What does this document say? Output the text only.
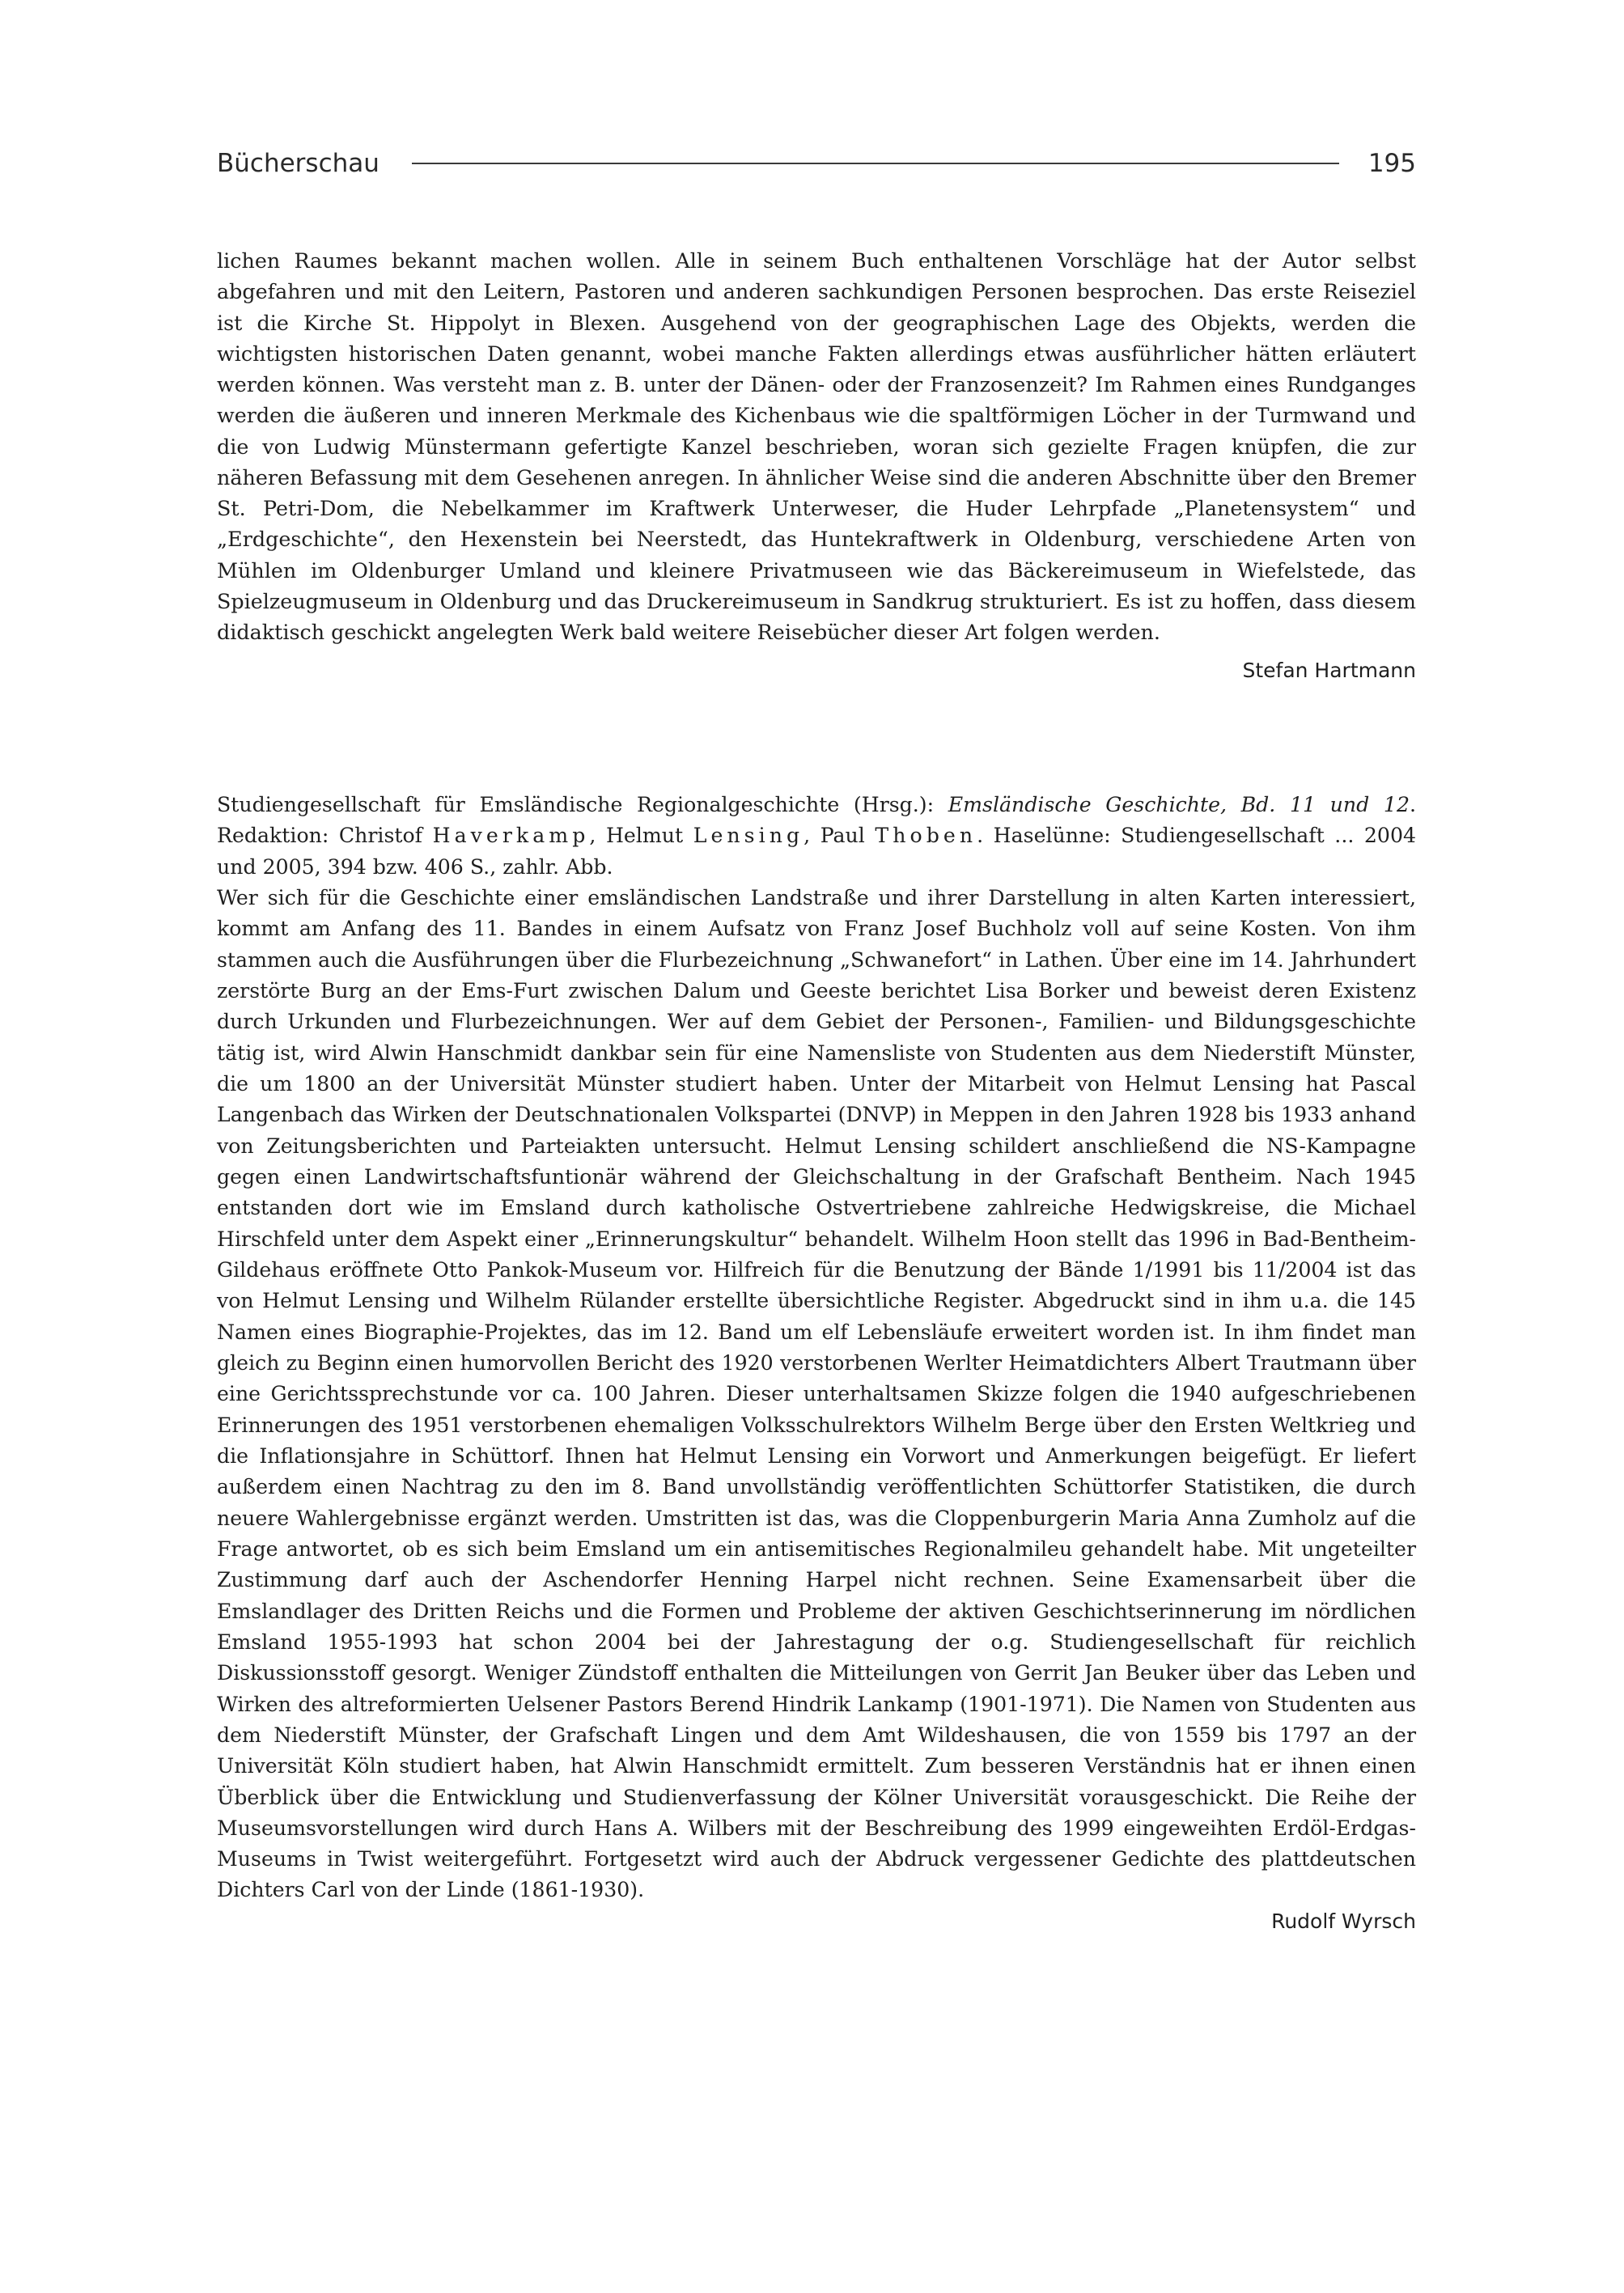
Bücherschau	195

lichen Raumes bekannt machen wollen. Alle in seinem Buch enthaltenen Vorschläge hat der Autor selbst abgefahren und mit den Leitern, Pastoren und anderen sachkundigen Personen besprochen. Das erste Reiseziel ist die Kirche St. Hippolyt in Blexen. Ausgehend von der geographischen Lage des Objekts, werden die wichtigsten historischen Daten genannt, wobei manche Fakten allerdings etwas ausführlicher hätten erläutert werden können. Was versteht man z. B. unter der Dänen- oder der Franzosenzeit? Im Rahmen eines Rundganges werden die äußeren und inneren Merkmale des Kichenbaus wie die spaltförmigen Löcher in der Turmwand und die von Ludwig Münstermann gefertigte Kanzel beschrieben, woran sich gezielte Fragen knüpfen, die zur näheren Befassung mit dem Gesehenen anregen. In ähnlicher Weise sind die anderen Abschnitte über den Bremer St. Petri-Dom, die Nebelkammer im Kraftwerk Unterweser, die Huder Lehrpfade „Planetensystem“ und „Erdgeschichte“, den Hexenstein bei Neerstedt, das Huntekraftwerk in Oldenburg, verschiedene Arten von Mühlen im Oldenburger Umland und kleinere Privatmuseen wie das Bäckereimuseum in Wiefelstede, das Spielzeugmuseum in Oldenburg und das Druckereimuseum in Sandkrug strukturiert. Es ist zu hoffen, dass diesem didaktisch geschickt angelegten Werk bald weitere Reisebücher dieser Art folgen werden.

Stefan Hartmann

Studiengesellschaft für Emsländische Regionalgeschichte (Hrsg.): Emsländische Geschichte, Bd. 11 und 12. Redaktion: Christof Haverkamp, Helmut Lensing, Paul Thoben. Haselünne: Studiengesellschaft ... 2004 und 2005, 394 bzw. 406 S., zahlr. Abb.

Wer sich für die Geschichte einer emsländischen Landstraße und ihrer Darstellung in alten Karten interessiert, kommt am Anfang des 11. Bandes in einem Aufsatz von Franz Josef Buchholz voll auf seine Kosten. Von ihm stammen auch die Ausführungen über die Flurbezeichnung „Schwanefort“ in Lathen. Über eine im 14. Jahrhundert zerstörte Burg an der Ems-Furt zwischen Dalum und Geeste berichtet Lisa Borker und beweist deren Existenz durch Urkunden und Flurbezeichnungen. Wer auf dem Gebiet der Personen-, Familien- und Bildungsgeschichte tätig ist, wird Alwin Hanschmidt dankbar sein für eine Namensliste von Studenten aus dem Niederstift Münster, die um 1800 an der Universität Münster studiert haben. Unter der Mitarbeit von Helmut Lensing hat Pascal Langenbach das Wirken der Deutschnationalen Volkspartei (DNVP) in Meppen in den Jahren 1928 bis 1933 anhand von Zeitungsberichten und Parteiakten untersucht. Helmut Lensing schildert anschließend die NS-Kampagne gegen einen Landwirtschaftsfuntionär während der Gleichschaltung in der Grafschaft Bentheim. Nach 1945 entstanden dort wie im Emsland durch katholische Ostvertriebene zahlreiche Hedwigskreise, die Michael Hirschfeld unter dem Aspekt einer „Erinnerungskultur“ behandelt. Wilhelm Hoon stellt das 1996 in Bad-Bentheim-Gildehaus eröffnete Otto Pankok-Museum vor. Hilfreich für die Benutzung der Bände 1/1991 bis 11/2004 ist das von Helmut Lensing und Wilhelm Rülander erstellte übersichtliche Register. Abgedruckt sind in ihm u.a. die 145 Namen eines Biographie-Projektes, das im 12. Band um elf Lebensläufe erweitert worden ist. In ihm findet man gleich zu Beginn einen humorvollen Bericht des 1920 verstorbenen Werlter Heimatdichters Albert Trautmann über eine Gerichtssprechstunde vor ca. 100 Jahren. Dieser unterhaltsamen Skizze folgen die 1940 aufgeschriebenen Erinnerungen des 1951 verstorbenen ehemaligen Volksschulrektors Wilhelm Berge über den Ersten Weltkrieg und die Inflationsjahre in Schüttorf. Ihnen hat Helmut Lensing ein Vorwort und Anmerkungen beigefügt. Er liefert außerdem einen Nachtrag zu den im 8. Band unvollständig veröffentlichten Schüttorfer Statistiken, die durch neuere Wahlergebnisse ergänzt werden. Umstritten ist das, was die Cloppenburgerin Maria Anna Zumholz auf die Frage antwortet, ob es sich beim Emsland um ein antisemitisches Regionalmileu gehandelt habe. Mit ungeteilter Zustimmung darf auch der Aschendorfer Henning Harpel nicht rechnen. Seine Examensarbeit über die Emslandlager des Dritten Reichs und die Formen und Probleme der aktiven Geschichtserinnerung im nördlichen Emsland 1955-1993 hat schon 2004 bei der Jahrestagung der o.g. Studiengesellschaft für reichlich Diskussionsstoff gesorgt. Weniger Zündstoff enthalten die Mitteilungen von Gerrit Jan Beuker über das Leben und Wirken des altreformierten Uelsener Pastors Berend Hindrik Lankamp (1901-1971). Die Namen von Studenten aus dem Niederstift Münster, der Grafschaft Lingen und dem Amt Wildeshausen, die von 1559 bis 1797 an der Universität Köln studiert haben, hat Alwin Hanschmidt ermittelt. Zum besseren Verständnis hat er ihnen einen Überblick über die Entwicklung und Studienverfassung der Kölner Universität vorausgeschickt. Die Reihe der Museumsvorstellungen wird durch Hans A. Wilbers mit der Beschreibung des 1999 eingeweihten Erdöl-Erdgas-Museums in Twist weitergeführt. Fortgesetzt wird auch der Abdruck vergessener Gedichte des plattdeutschen Dichters Carl von der Linde (1861-1930).

Rudolf Wyrsch
